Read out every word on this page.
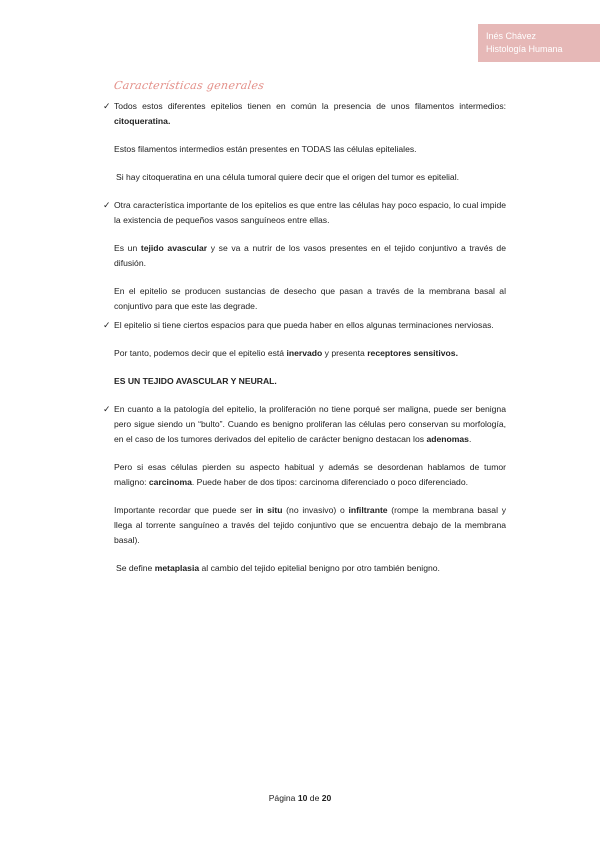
Inés Chávez
Histología Humana
Características generales

✓ Todos estos diferentes epitelios tienen en común la presencia de unos filamentos intermedios: citoqueratina.

Estos filamentos intermedios están presentes en TODAS las células epiteliales.

Si hay citoqueratina en una célula tumoral quiere decir que el origen del tumor es epitelial.

✓ Otra característica importante de los epitelios es que entre las células hay poco espacio, lo cual impide la existencia de pequeños vasos sanguíneos entre ellas.

Es un tejido avascular y se va a nutrir de los vasos presentes en el tejido conjuntivo a través de difusión.

En el epitelio se producen sustancias de desecho que pasan a través de la membrana basal al conjuntivo para que este las degrade.

✓ El epitelio si tiene ciertos espacios para que pueda haber en ellos algunas terminaciones nerviosas.

Por tanto, podemos decir que el epitelio está inervado y presenta receptores sensitivos.

ES UN TEJIDO AVASCULAR Y NEURAL.

✓ En cuanto a la patología del epitelio, la proliferación no tiene porqué ser maligna, puede ser benigna pero sigue siendo un “bulto”. Cuando es benigno proliferan las células pero conservan su morfología, en el caso de los tumores derivados del epitelio de carácter benigno destacan los adenomas.

Pero si esas células pierden su aspecto habitual y además se desordenan hablamos de tumor maligno: carcinoma. Puede haber de dos tipos: carcinoma diferenciado o poco diferenciado.

Importante recordar que puede ser in situ (no invasivo) o infiltrante (rompe la membrana basal y llega al torrente sanguíneo a través del tejido conjuntivo que se encuentra debajo de la membrana basal).

Se define metaplasia al cambio del tejido epitelial benigno por otro también benigno.

Página 10 de 20
